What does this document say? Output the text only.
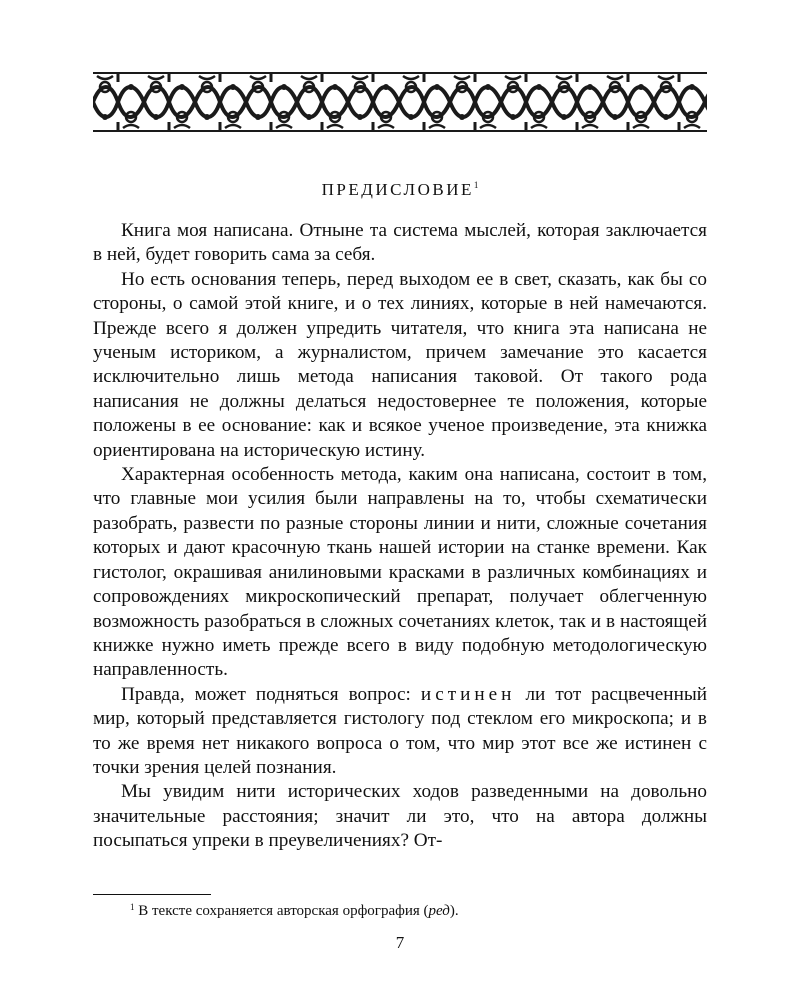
ПРЕДИСЛОВИЕ$^1$

Книга моя написана. Отныне та система мыслей, которая заключается в ней, будет говорить сама за себя.

Но есть основания теперь, перед выходом ее в свет, сказать, как бы со стороны, о самой этой книге, и о тех линиях, которые в ней намечаются. Прежде всего я должен упредить читателя, что книга эта написана не ученым историком, а журналистом, причем замечание это касается исключительно лишь метода написания таковой. От такого рода написания не должны делаться недостовернее те положения, которые положены в ее основание: как и всякое ученое произведение, эта книжка ориентирована на историческую истину.

Характерная особенность метода, каким она написана, состоит в том, что главные мои усилия были направлены на то, чтобы схематически разобрать, развести по разные стороны линии и нити, сложные сочетания которых и дают красочную ткань нашей истории на станке времени. Как гистолог, окрашивая анилиновыми красками в различных комбинациях и сопровождениях микроскопический препарат, получает облегченную возможность разобраться в сложных сочетаниях клеток, так и в настоящей книжке нужно иметь прежде всего в виду подобную методологическую направленность.

Правда, может подняться вопрос: истинен ли тот расцвеченный мир, который представляется гистологу под стеклом его микроскопа; и в то же время нет никакого вопроса о том, что мир этот все же истинен с точки зрения целей познания.

Мы увидим нити исторических ходов разведенными на довольно значительные расстояния; значит ли это, что на автора должны посыпаться упреки в преувеличениях? От-

$^1$ В тексте сохраняется авторская орфография (ред).
7
